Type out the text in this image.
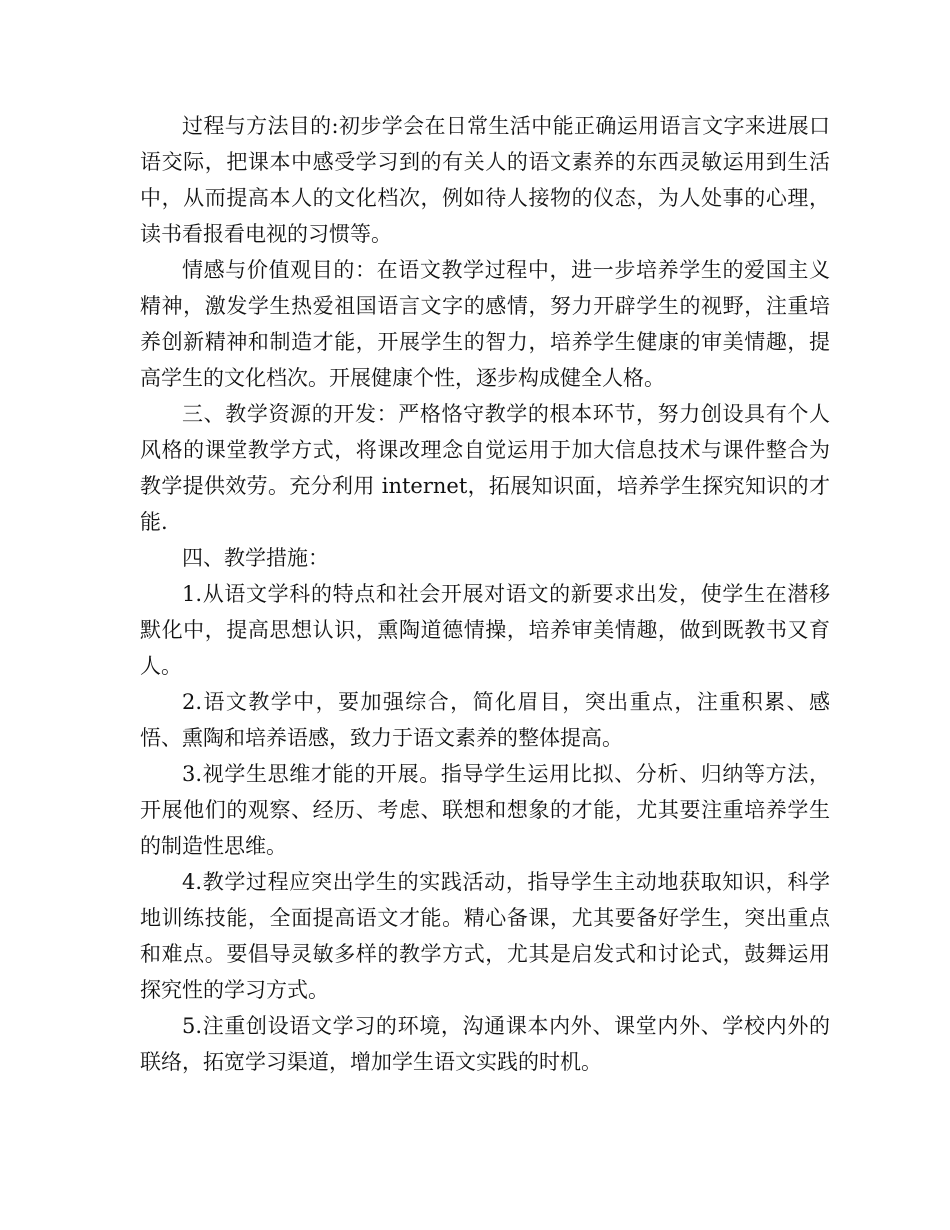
过程与方法目的:初步学会在日常生活中能正确运用语言文字来进展口语交际，把课本中感受学习到的有关人的语文素养的东西灵敏运用到生活中，从而提高本人的文化档次，例如待人接物的仪态，为人处事的心理，读书看报看电视的习惯等。

情感与价值观目的：在语文教学过程中，进一步培养学生的爱国主义精神，激发学生热爱祖国语言文字的感情，努力开辟学生的视野，注重培养创新精神和制造才能，开展学生的智力，培养学生健康的审美情趣，提高学生的文化档次。开展健康个性，逐步构成健全人格。

三、教学资源的开发：严格恪守教学的根本环节，努力创设具有个人风格的课堂教学方式，将课改理念自觉运用于加大信息技术与课件整合为教学提供效劳。充分利用 internet，拓展知识面，培养学生探究知识的才能.

四、教学措施：

1.从语文学科的特点和社会开展对语文的新要求出发，使学生在潜移默化中，提高思想认识，熏陶道德情操，培养审美情趣，做到既教书又育人。

2.语文教学中，要加强综合，简化眉目，突出重点，注重积累、感悟、熏陶和培养语感，致力于语文素养的整体提高。

3.视学生思维才能的开展。指导学生运用比拟、分析、归纳等方法，开展他们的观察、经历、考虑、联想和想象的才能，尤其要注重培养学生的制造性思维。

4.教学过程应突出学生的实践活动，指导学生主动地获取知识，科学地训练技能，全面提高语文才能。精心备课，尤其要备好学生，突出重点和难点。要倡导灵敏多样的教学方式，尤其是启发式和讨论式，鼓舞运用探究性的学习方式。

5.注重创设语文学习的环境，沟通课本内外、课堂内外、学校内外的联络，拓宽学习渠道，增加学生语文实践的时机。
